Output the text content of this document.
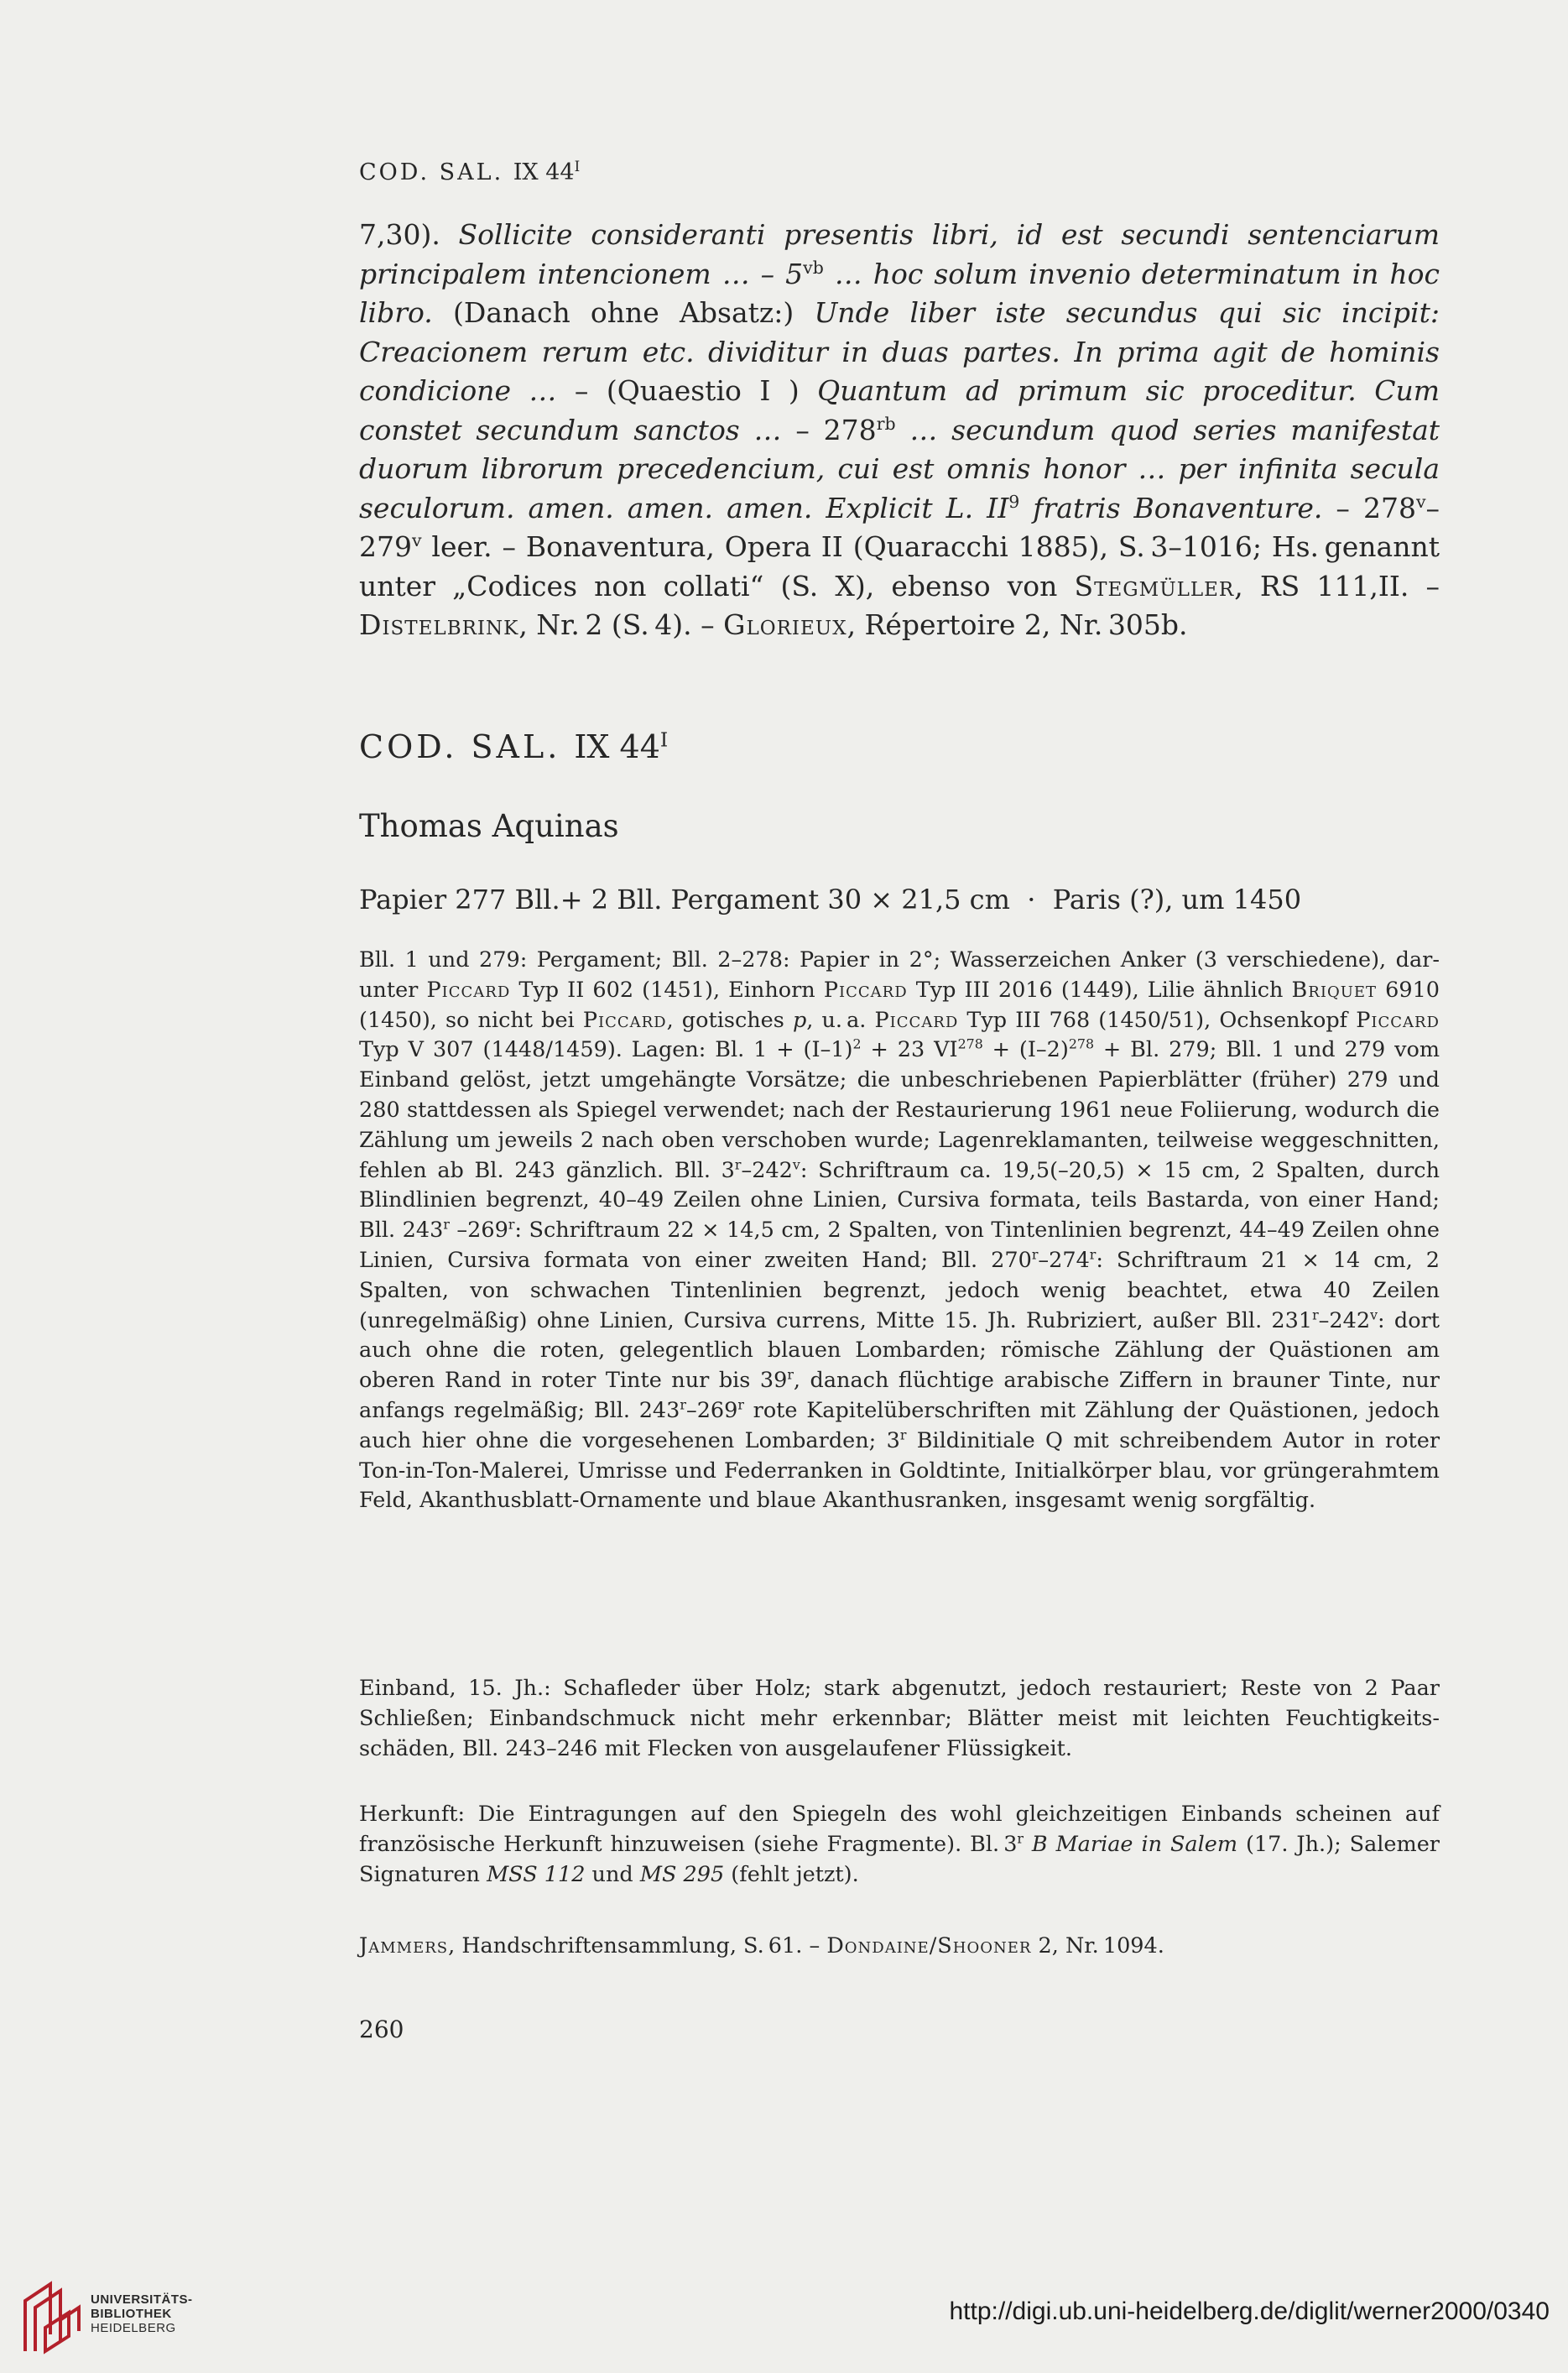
COD. SAL. IX $44^I$
7,30). Sollicite consideranti presentis libri, id est secundi sentenciarum principalem intencionem … – $5^{vb}$ … hoc solum invenio determinatum in hoc libro. (Danach ohne Absatz:) Unde liber iste secundus qui sic incipit: Creacionem rerum etc. dividitur in duas partes. In prima agit de hominis condicione … – (Quaestio I ) Quantum ad primum sic proceditur. Cum constet secundum sanctos … – $278^{rb}$ … secundum quod series manifestat duorum librorum precedencium, cui est omnis honor … per infinita secula seculorum. amen. amen. amen. Explicit L. $II^9$ fratris Bonaventure. – 278$^v$–279$^v$ leer. – Bonaventura, Opera II (Quaracchi 1885), S. 3–1016; Hs. genannt unter „Codices non collati“ (S. X), ebenso von Stegmüller, RS 111,II. – Distelbrink, Nr. 2 (S. 4). – Glorieux, Répertoire 2, Nr. 305b.
COD. SAL. IX $44^I$
Thomas Aquinas
Papier 277 Bll.+ 2 Bll. Pergament 30 × 21,5 cm  ·  Paris (?), um 1450
Bll. 1 und 279: Pergament; Bll. 2–278: Papier in 2°; Wasserzeichen Anker (3 verschiedene), darunter Piccard Typ II 602 (1451), Einhorn Piccard Typ III 2016 (1449), Lilie ähnlich Briquet 6910 (1450), so nicht bei Piccard, gotisches p, u. a. Piccard Typ III 768 (1450/51), Ochsenkopf Piccard Typ V 307 (1448/1459). Lagen: Bl. $1 + (I-1)^2 + 23$ $VI^{278} + (I-2)^{278} + Bl$. 279; Bll. 1 und 279 vom Einband gelöst, jetzt umgehängte Vorsätze; die unbeschriebenen Papierblätter (früher) 279 und 280 stattdessen als Spiegel verwendet; nach der Restaurierung 1961 neue Foliierung, wodurch die Zählung um jeweils 2 nach oben verschoben wurde; Lagenreklamanten, teilweise weggeschnitten, fehlen ab Bl. 243 gänzlich. Bll. 3$^r$–242$^v$: Schriftraum ca. 19,5(–20,5) × 15 cm, 2 Spalten, durch Blindlinien begrenzt, 40–49 Zeilen ohne Linien, Cursiva formata, teils Bastarda, von einer Hand; Bll. 243$^r$ –269$^r$: Schriftraum 22 × 14,5 cm, 2 Spalten, von Tintenlinien begrenzt, 44–49 Zeilen ohne Linien, Cursiva formata von einer zweiten Hand; Bll. 270$^r$–274$^r$: Schriftraum 21 × 14 cm, 2 Spalten, von schwachen Tintenlinien begrenzt, jedoch wenig beachtet, etwa 40 Zeilen (unregelmäßig) ohne Linien, Cursiva currens, Mitte 15. Jh. Rubriziert, außer Bll. 231$^r$–242$^v$: dort auch ohne die roten, gelegentlich blauen Lombarden; römische Zählung der Quästionen am oberen Rand in roter Tinte nur bis 39$^r$, danach flüchtige arabische Ziffern in brauner Tinte, nur anfangs regelmäßig; Bll. 243$^r$–269$^r$ rote Kapitelüberschriften mit Zählung der Quästionen, jedoch auch hier ohne die vorgesehenen Lombarden; 3$^r$ Bildinitiale Q mit schreibendem Autor in roter Ton-in-Ton-Malerei, Umrisse und Federranken in Goldtinte, Initialkörper blau, vor grüngerahmtem Feld, Akanthusblatt-Ornamente und blaue Akanthusranken, insgesamt wenig sorgfältig.
Einband, 15. Jh.: Schafleder über Holz; stark abgenutzt, jedoch restauriert; Reste von 2 Paar Schließen; Einbandschmuck nicht mehr erkennbar; Blätter meist mit leichten Feuchtigkeitsschäden, Bll. 243–246 mit Flecken von ausgelaufener Flüssigkeit.
Herkunft: Die Eintragungen auf den Spiegeln des wohl gleichzeitigen Einbands scheinen auf französische Herkunft hinzuweisen (siehe Fragmente). Bl. 3$^r$ B Mariae in Salem (17. Jh.); Salemer Signaturen MSS 112 und MS 295 (fehlt jetzt).
Jammers, Handschriftensammlung, S. 61. – Dondaine/Shooner 2, Nr. 1094.
260
UNIVERSITÄTS-
BIBLIOTHEK
HEIDELBERG
http://digi.ub.uni-heidelberg.de/diglit/werner2000/0340
